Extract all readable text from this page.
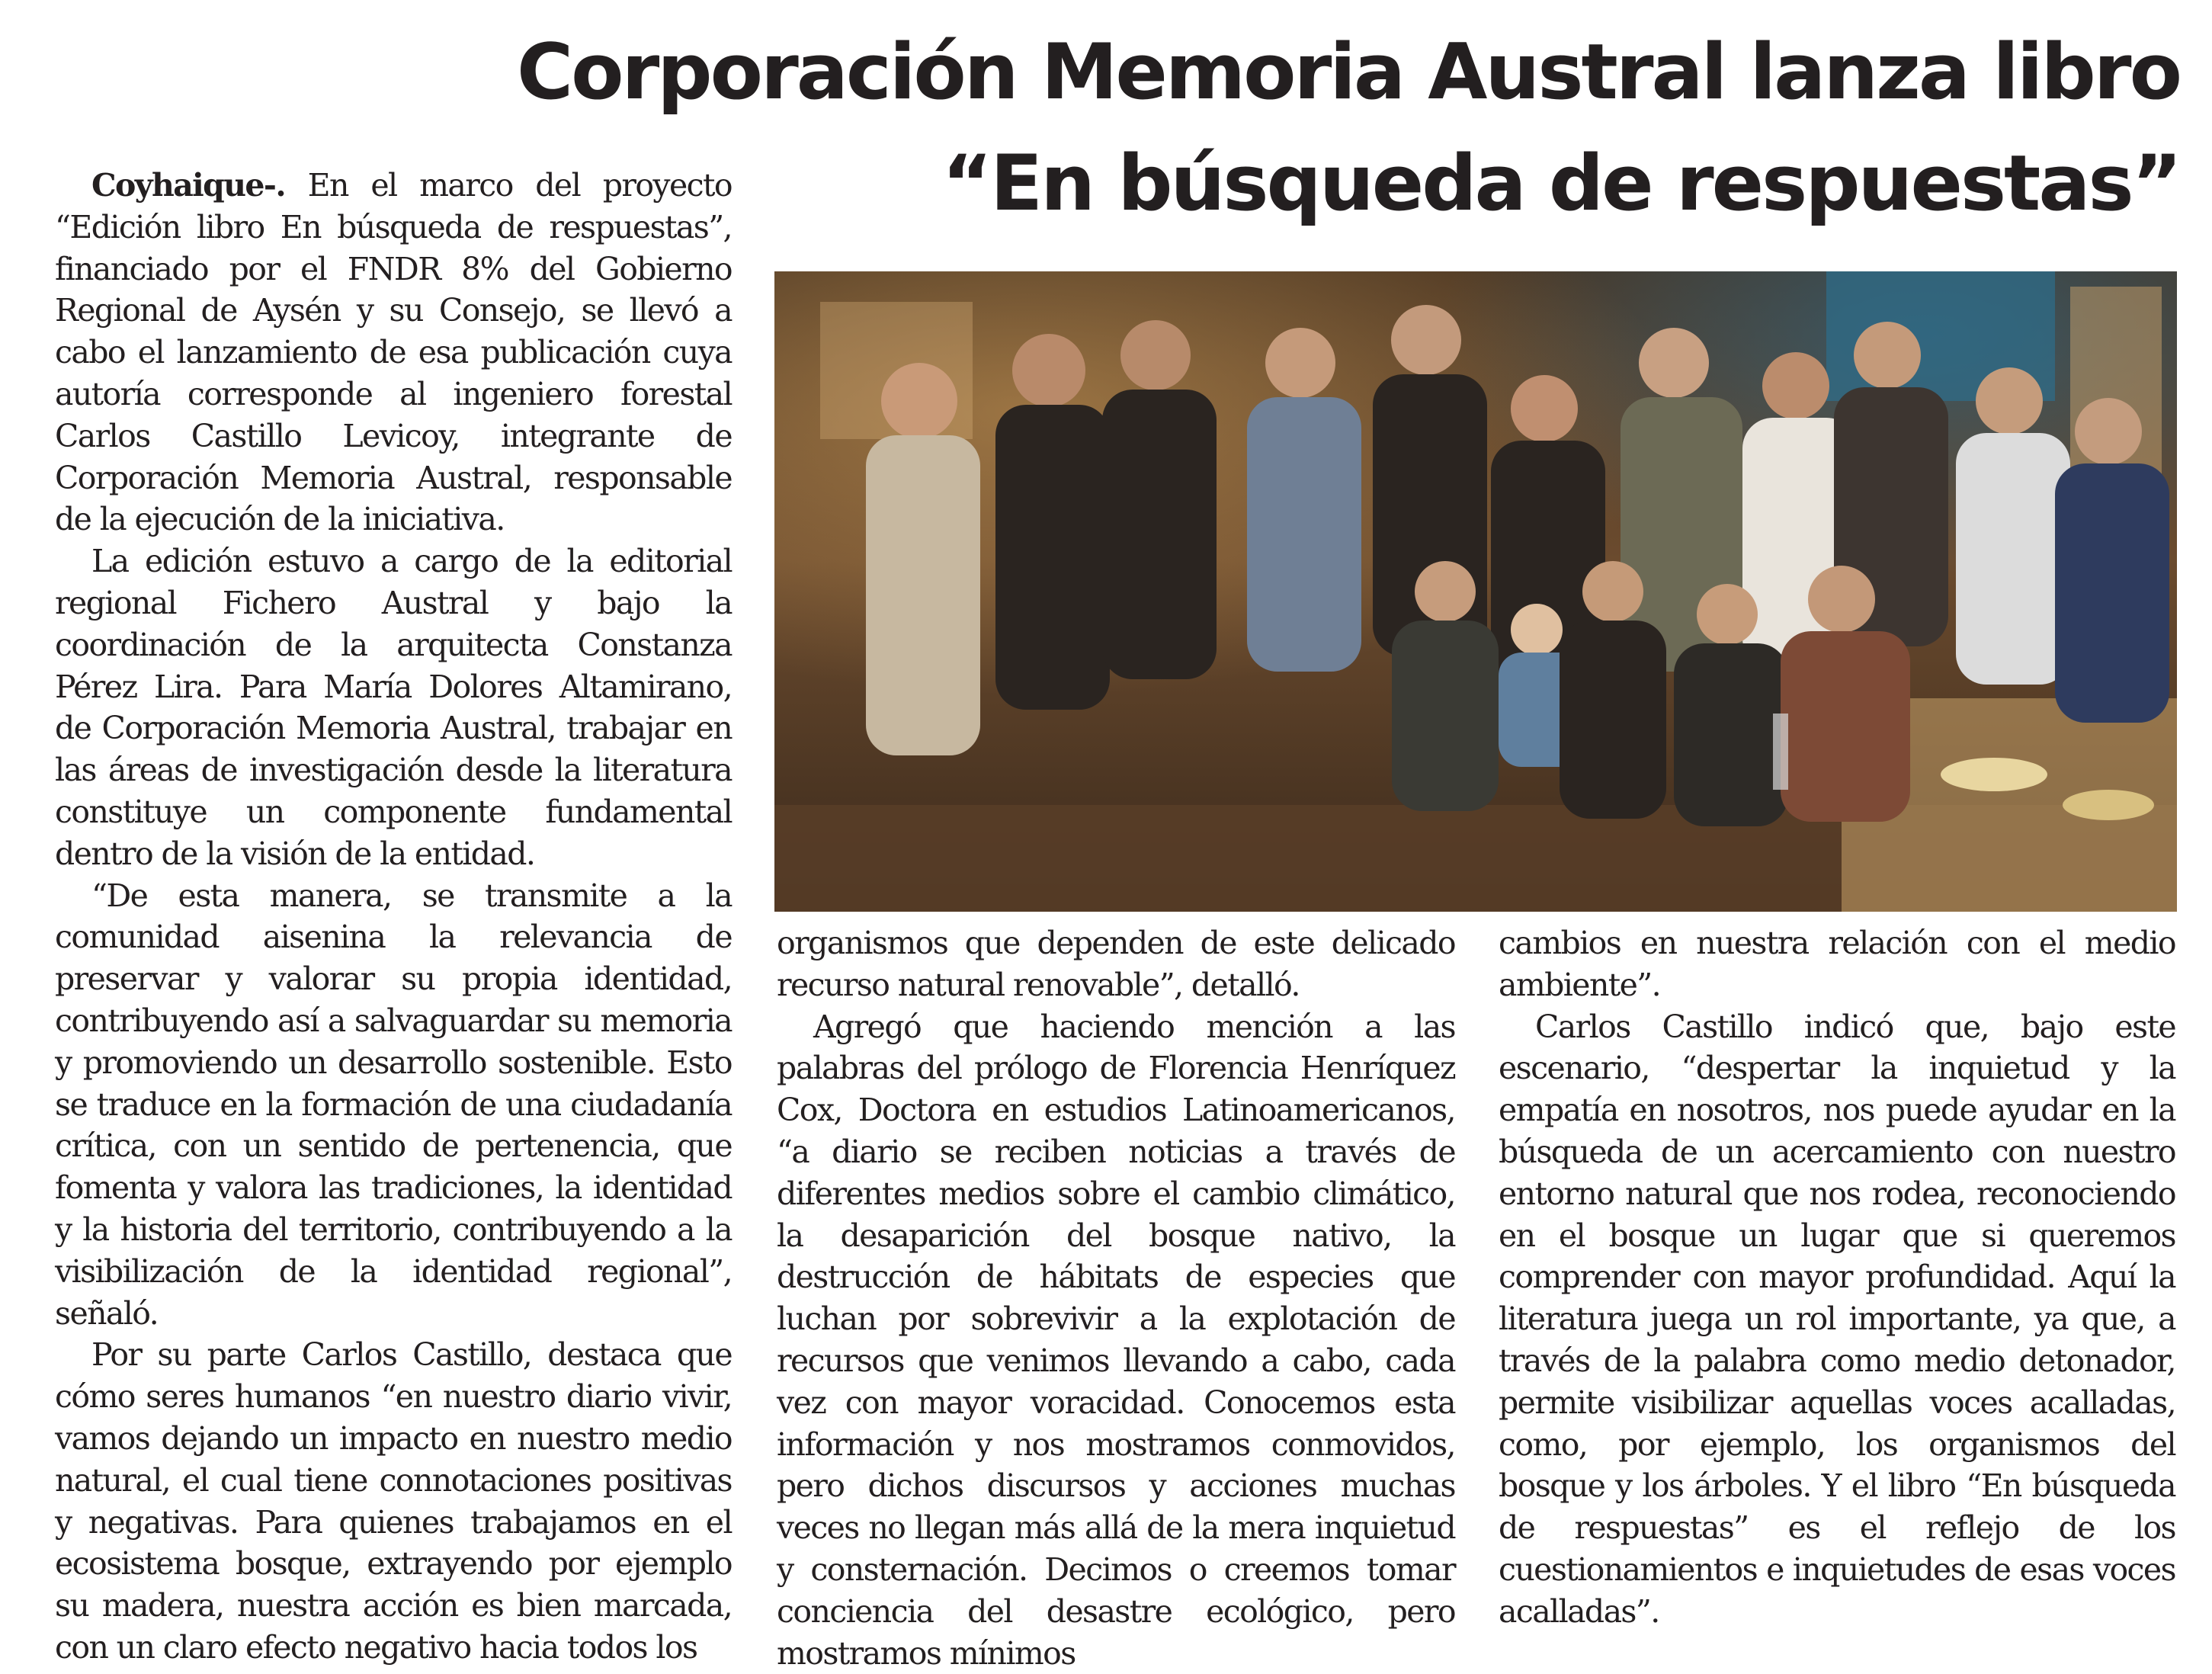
Corporación Memoria Austral lanza libro
“En búsqueda de respuestas”

Coyhaique-. En el marco del proyecto “Edición libro En búsqueda de respuestas”, financiado por el FNDR 8% del Gobierno Regional de Aysén y su Consejo, se llevó a cabo el lanzamiento de esa publicación cuya autoría corresponde al ingeniero forestal Carlos Castillo Levicoy, integrante de Corporación Memoria Austral, responsable de la ejecución de la iniciativa.

La edición estuvo a cargo de la editorial regional Fichero Austral y bajo la coordinación de la arquitecta Constanza Pérez Lira. Para María Dolores Altamirano, de Corporación Memoria Austral, trabajar en las áreas de investigación desde la literatura constituye un componente fundamental dentro de la visión de la entidad.

“De esta manera, se transmite a la comunidad aisenina la relevancia de preservar y valorar su propia identidad, contribuyendo así a salvaguardar su memoria y promoviendo un desarrollo sostenible. Esto se traduce en la formación de una ciudadanía crítica, con un sentido de pertenencia, que fomenta y valora las tradiciones, la identidad y la historia del territorio, contribuyendo a la visibilización de la identidad regional”, señaló.

Por su parte Carlos Castillo, destaca que cómo seres humanos “en nuestro diario vivir, vamos dejando un impacto en nuestro medio natural, el cual tiene connotaciones positivas y negativas. Para quienes trabajamos en el ecosistema bosque, extrayendo por ejemplo su madera, nuestra acción es bien marcada, con un claro efecto negativo hacia todos los

organismos que dependen de este delicado recurso natural renovable”, detalló.

Agregó que haciendo mención a las palabras del prólogo de Florencia Henríquez Cox, Doctora en estudios Latinoamericanos, “a diario se reciben noticias a través de diferentes medios sobre el cambio climático, la desaparición del bosque nativo, la destrucción de hábitats de especies que luchan por sobrevivir a la explotación de recursos que venimos llevando a cabo, cada vez con mayor voracidad. Conocemos esta información y nos mostramos conmovidos, pero dichos discursos y acciones muchas veces no llegan más allá de la mera inquietud y consternación. Decimos o creemos tomar conciencia del desastre ecológico, pero mostramos mínimos

cambios en nuestra relación con el medio ambiente”.

Carlos Castillo indicó que, bajo este escenario, “despertar la inquietud y la empatía en nosotros, nos puede ayudar en la búsqueda de un acercamiento con nuestro entorno natural que nos rodea, reconociendo en el bosque un lugar que si queremos comprender con mayor profundidad. Aquí la literatura juega un rol importante, ya que, a través de la palabra como medio detonador, permite visibilizar aquellas voces acalladas, como, por ejemplo, los organismos del bosque y los árboles. Y el libro “En búsqueda de respuestas” es el reflejo de los cuestionamientos e inquietudes de esas voces acalladas”.
